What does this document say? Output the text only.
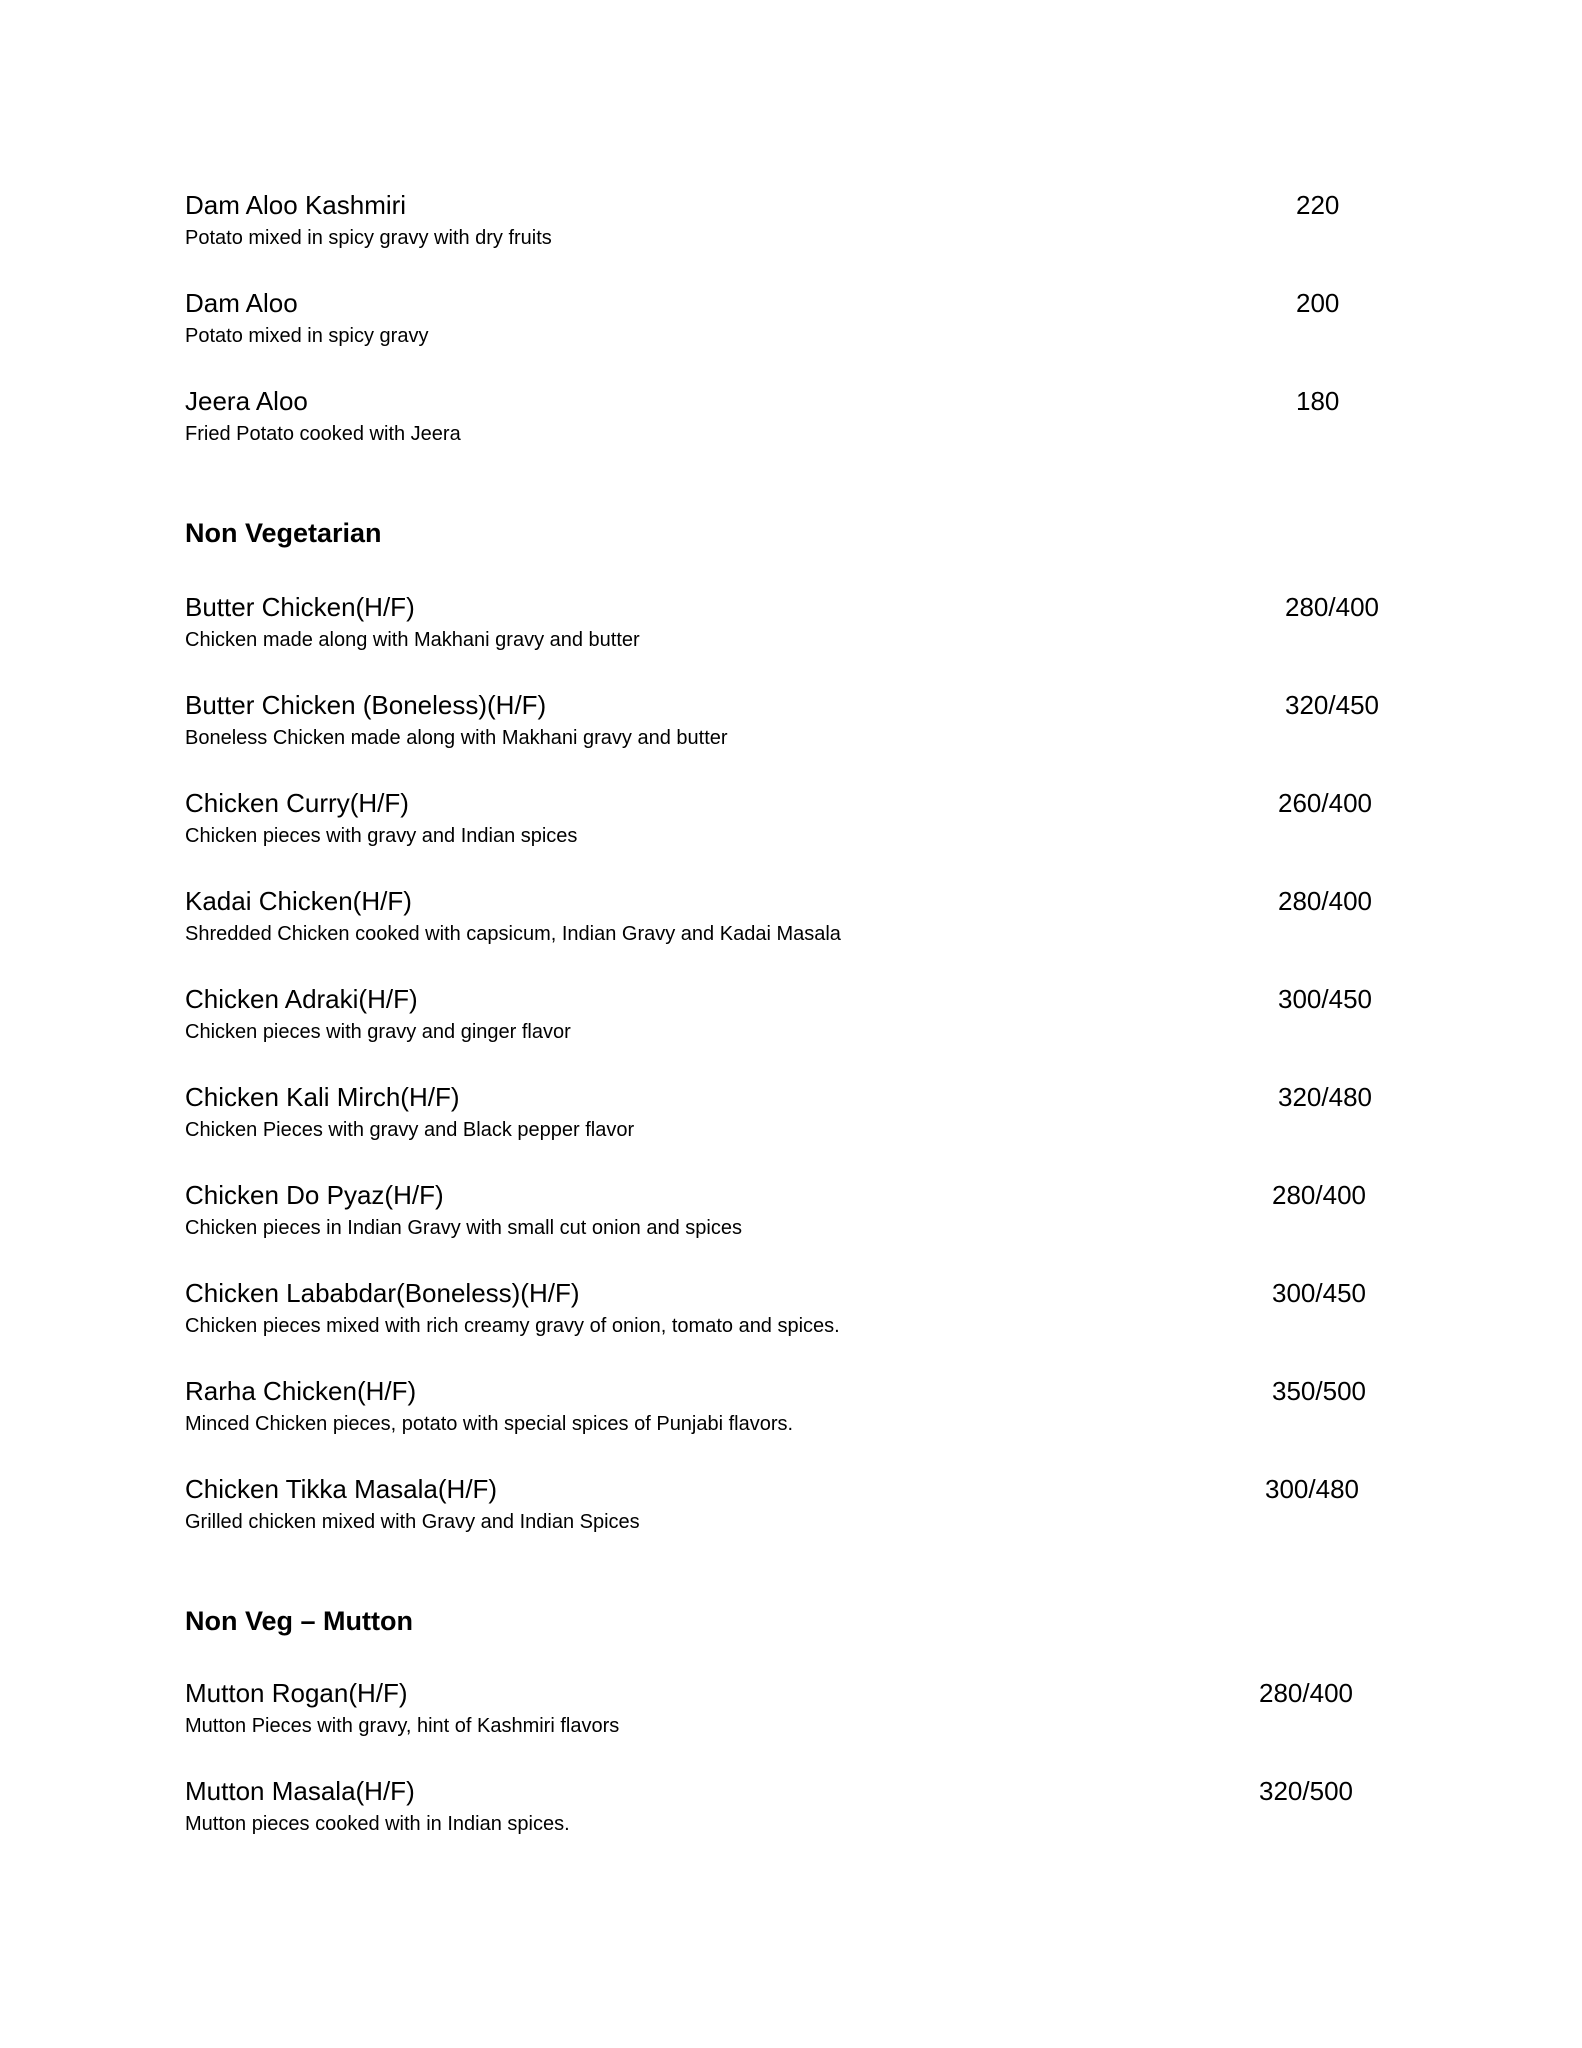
Dam Aloo Kashmiri	220
Potato mixed in spicy gravy with dry fruits
Dam Aloo	200
Potato mixed in spicy gravy
Jeera Aloo	180
Fried Potato cooked with Jeera
Non Vegetarian
Butter Chicken(H/F)	280/400
Chicken made along with Makhani gravy and butter
Butter Chicken (Boneless)(H/F)	320/450
Boneless Chicken made along with Makhani gravy and butter
Chicken Curry(H/F)	260/400
Chicken pieces with gravy and Indian spices
Kadai Chicken(H/F)	280/400
Shredded Chicken cooked with capsicum, Indian Gravy and Kadai Masala
Chicken Adraki(H/F)	300/450
Chicken pieces with gravy and ginger flavor
Chicken Kali Mirch(H/F)	320/480
Chicken Pieces with gravy and Black pepper flavor
Chicken Do Pyaz(H/F)	280/400
Chicken pieces in Indian Gravy with small cut onion and spices
Chicken Lababdar(Boneless)(H/F)	300/450
Chicken pieces mixed with rich creamy gravy of onion, tomato and spices.
Rarha Chicken(H/F)	350/500
Minced Chicken pieces, potato with special spices of Punjabi flavors.
Chicken Tikka Masala(H/F)	300/480
Grilled chicken mixed with Gravy and Indian Spices
Non Veg – Mutton
Mutton Rogan(H/F)	280/400
Mutton Pieces with gravy, hint of Kashmiri flavors
Mutton Masala(H/F)	320/500
Mutton pieces cooked with in Indian spices.
